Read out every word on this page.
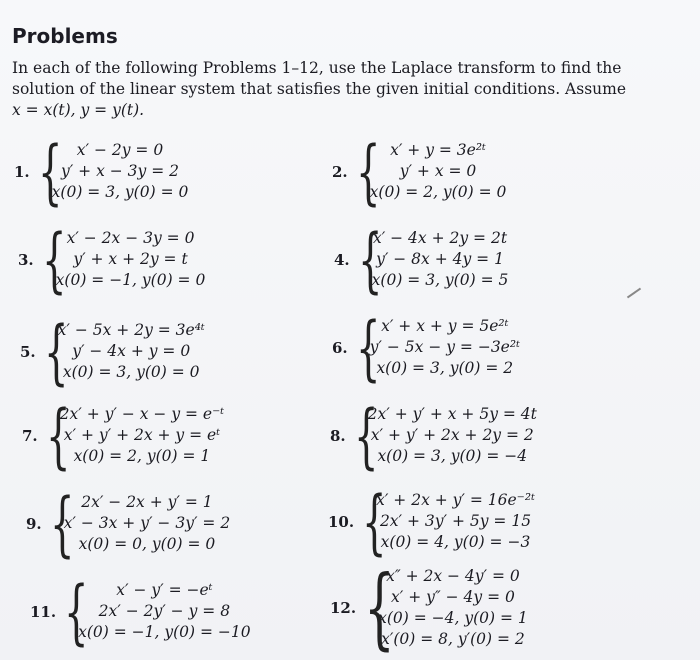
Problems
In each of the following Problems 1–12, use the Laplace transform to find the
solution of the linear system that satisfies the given initial conditions. Assume
x = x(t), y = y(t).
1. { x′ − 2y = 0
y′ + x − 3y = 2
x(0) = 3, y(0) = 0
2. { x′ + y = 3e²ᵗ
y′ + x = 0
x(0) = 2, y(0) = 0
3. { x′ − 2x − 3y = 0
y′ + x + 2y = t
x(0) = −1, y(0) = 0
4. {
x′ − 4x + 2y = 2t
y′ − 8x + 4y = 1
x(0) = 3, y(0) = 5
5. {
x′ − 5x + 2y = 3e⁴ᵗ
y′ − 4x + y = 0
x(0) = 3, y(0) = 0
6. { x′ + x + y = 5e²ᵗ
y′ − 5x − y = −3e²ᵗ
x(0) = 3, y(0) = 2
7. {
2x′ + y′ − x − y = e⁻ᵗ
x′ + y′ + 2x + y = eᵗ
x(0) = 2, y(0) = 1
8. {
2x′ + y′ + x + 5y = 4t
x′ + y′ + 2x + 2y = 2
x(0) = 3, y(0) = −4
9. { 2x′ − 2x + y′ = 1
x′ − 3x + y′ − 3y′ = 2
x(0) = 0, y(0) = 0
10. {
x′ + 2x + y′ = 16e⁻²ᵗ
2x′ + 3y′ + 5y = 15
x(0) = 4, y(0) = −3
11. { x′ − y′ = −eᵗ
2x′ − 2y′ − y = 8
x(0) = −1, y(0) = −10
12. {
x″ + 2x − 4y′ = 0
x′ + y″ − 4y = 0
x(0) = −4, y(0) = 1
x′(0) = 8, y′(0) = 2
